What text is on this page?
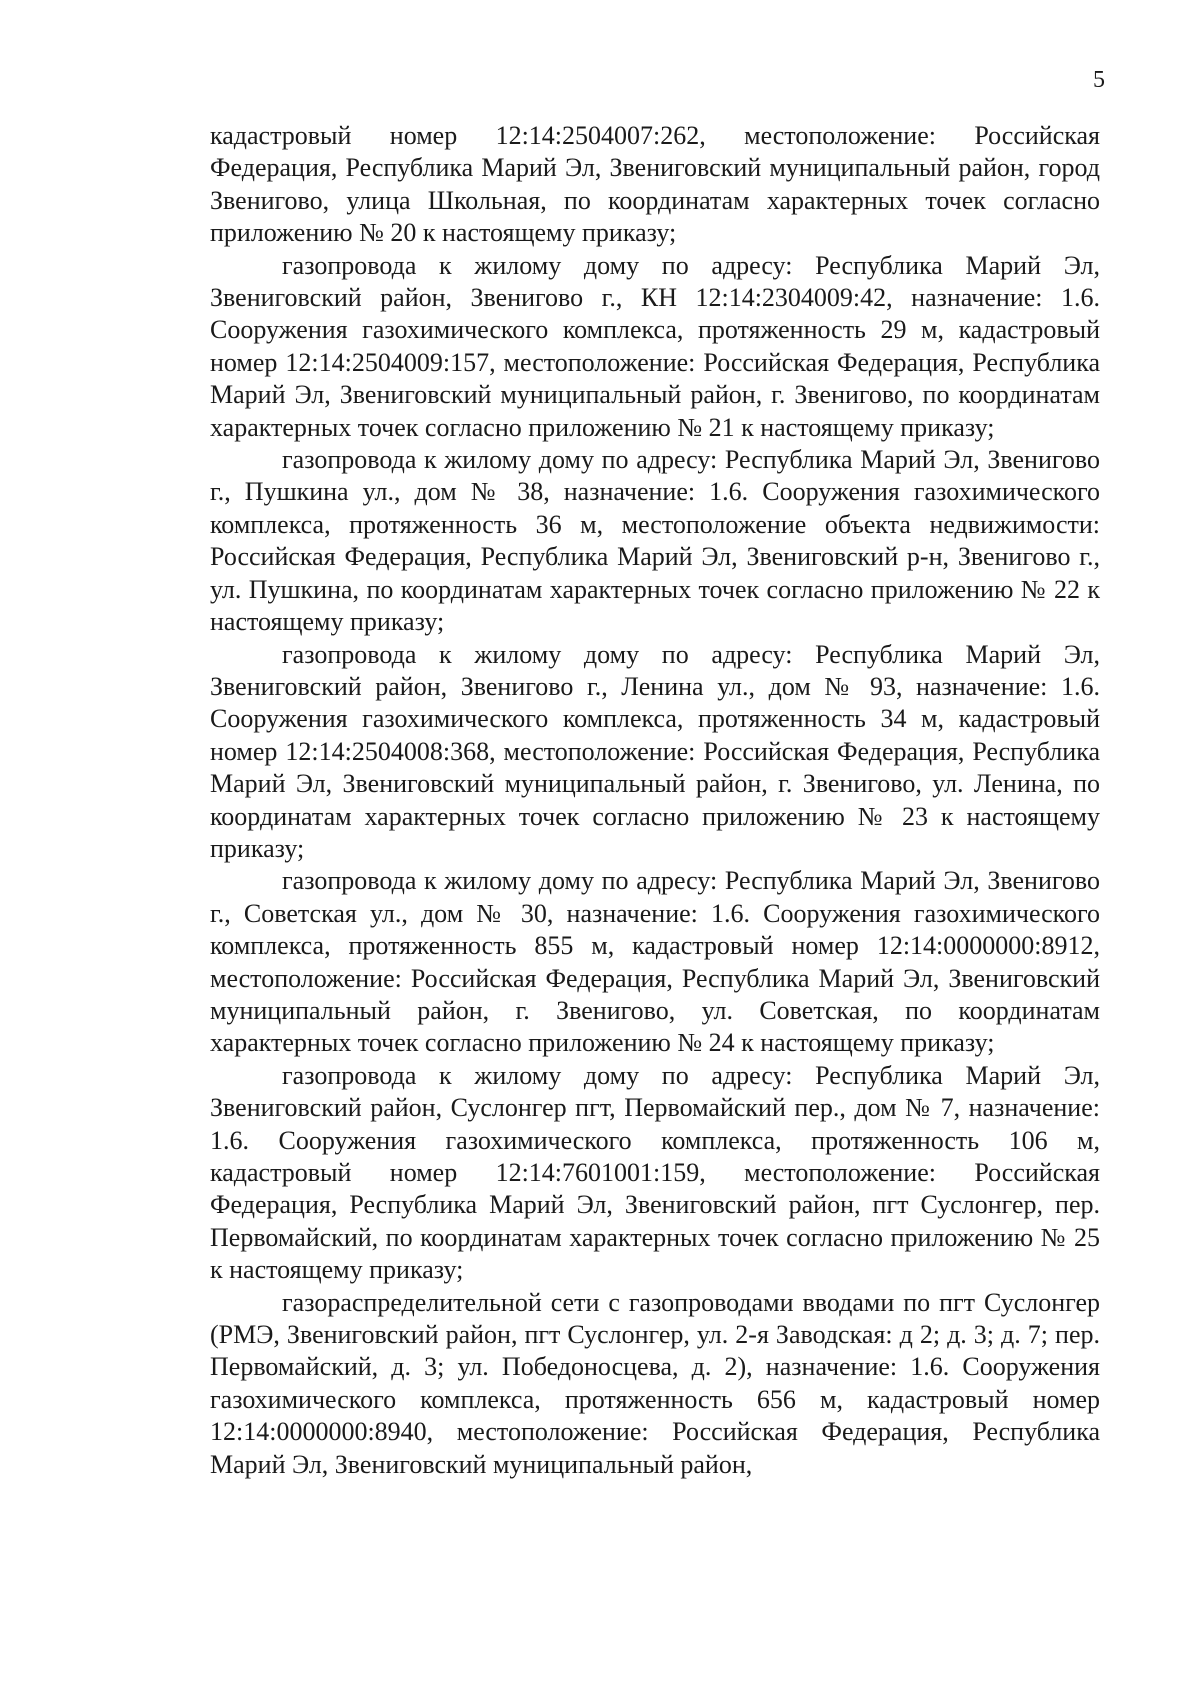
5

кадастровый номер 12:14:2504007:262, местоположение: Российская Федерация, Республика Марий Эл, Звениговский муниципальный район, город Звенигово, улица Школьная, по координатам характерных точек согласно приложению № 20 к настоящему приказу;

газопровода к жилому дому по адресу: Республика Марий Эл, Звениговский район, Звенигово г., КН 12:14:2304009:42, назначение: 1.6. Сооружения газохимического комплекса, протяженность 29 м, кадастровый номер 12:14:2504009:157, местоположение: Российская Федерация, Республика Марий Эл, Звениговский муниципальный район, г. Звенигово, по координатам характерных точек согласно приложению № 21 к настоящему приказу;

газопровода к жилому дому по адресу: Республика Марий Эл, Звенигово г., Пушкина ул., дом № 38, назначение: 1.6. Сооружения газохимического комплекса, протяженность 36 м, местоположение объекта недвижимости: Российская Федерация, Республика Марий Эл, Звениговский р-н, Звенигово г., ул. Пушкина, по координатам характерных точек согласно приложению № 22 к настоящему приказу;

газопровода к жилому дому по адресу: Республика Марий Эл, Звениговский район, Звенигово г., Ленина ул., дом № 93, назначение: 1.6. Сооружения газохимического комплекса, протяженность 34 м, кадастровый номер 12:14:2504008:368, местоположение: Российская Федерация, Республика Марий Эл, Звениговский муниципальный район, г. Звенигово, ул. Ленина, по координатам характерных точек согласно приложению № 23 к настоящему приказу;

газопровода к жилому дому по адресу: Республика Марий Эл, Звенигово г., Советская ул., дом № 30, назначение: 1.6. Сооружения газохимического комплекса, протяженность 855 м, кадастровый номер 12:14:0000000:8912, местоположение: Российская Федерация, Республика Марий Эл, Звениговский муниципальный район, г. Звенигово, ул. Советская, по координатам характерных точек согласно приложению № 24 к настоящему приказу;

газопровода к жилому дому по адресу: Республика Марий Эл, Звениговский район, Суслонгер пгт, Первомайский пер., дом № 7, назначение: 1.6. Сооружения газохимического комплекса, протяженность 106 м, кадастровый номер 12:14:7601001:159, местоположение: Российская Федерация, Республика Марий Эл, Звениговский район, пгт Суслонгер, пер. Первомайский, по координатам характерных точек согласно приложению № 25 к настоящему приказу;

газораспределительной сети с газопроводами вводами по пгт Суслонгер (РМЭ, Звениговский район, пгт Суслонгер, ул. 2-я Заводская: д 2; д. 3; д. 7; пер. Первомайский, д. 3; ул. Победоносцева, д. 2), назначение: 1.6. Сооружения газохимического комплекса, протяженность 656 м, кадастровый номер 12:14:0000000:8940, местоположение: Российская Федерация, Республика Марий Эл, Звениговский муниципальный район,
